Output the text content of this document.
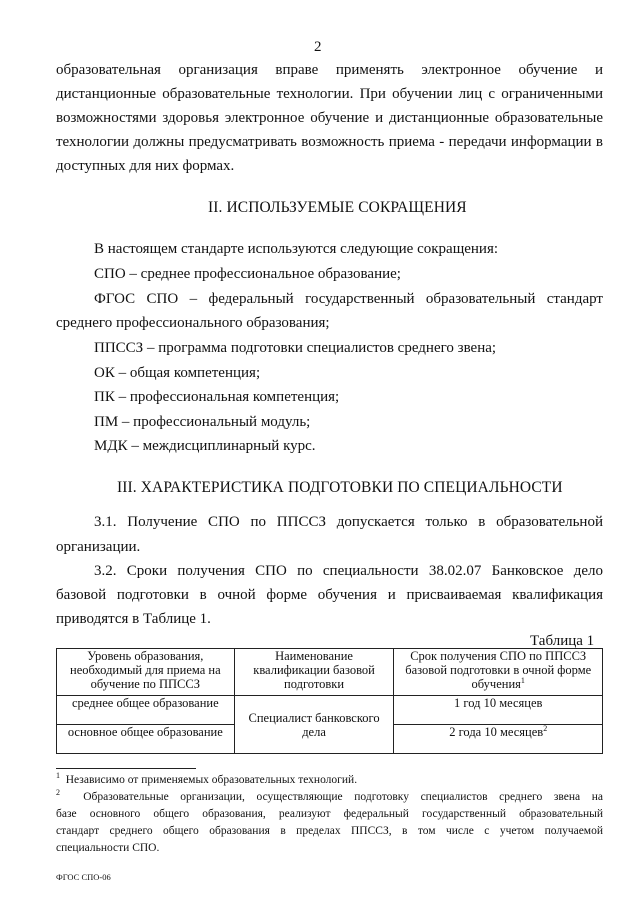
2
образовательная организация вправе применять электронное обучение и
дистанционные образовательные технологии. При обучении лиц с ограниченными
возможностями здоровья электронное обучение и дистанционные образовательные
технологии должны предусматривать возможность приема - передачи информации в
доступных для них формах.
II. ИСПОЛЬЗУЕМЫЕ СОКРАЩЕНИЯ
В настоящем стандарте используются следующие сокращения:
СПО – среднее профессиональное образование;
ФГОС СПО – федеральный государственный образовательный стандарт
среднего профессионального образования;
ППССЗ – программа подготовки специалистов среднего звена;
ОК – общая компетенция;
ПК – профессиональная компетенция;
ПМ – профессиональный модуль;
МДК – междисциплинарный курс.
III. ХАРАКТЕРИСТИКА ПОДГОТОВКИ ПО СПЕЦИАЛЬНОСТИ
3.1. Получение СПО по ППССЗ допускается только в образовательной
организации.
3.2. Сроки получения СПО по специальности 38.02.07 Банковское дело
базовой подготовки в очной форме обучения и присваиваемая квалификация
приводятся в Таблице 1.
Таблица 1
Уровень образования, необходимый для приема на обучение по ППССЗ	Наименование квалификации базовой подготовки	Срок получения СПО по ППССЗ базовой подготовки в очной форме обучения$^1$
среднее общее образование	Специалист банковского дела	1 год 10 месяцев
основное общее образование		2 года 10 месяцев$^2$
$^1$ Независимо от применяемых образовательных технологий.
$^2$ Образовательные организации, осуществляющие подготовку специалистов среднего звена на
базе основного общего образования, реализуют федеральный государственный образовательный
стандарт среднего общего образования в пределах ППССЗ, в том числе с учетом получаемой
специальности СПО.
ФГОС СПО-06
